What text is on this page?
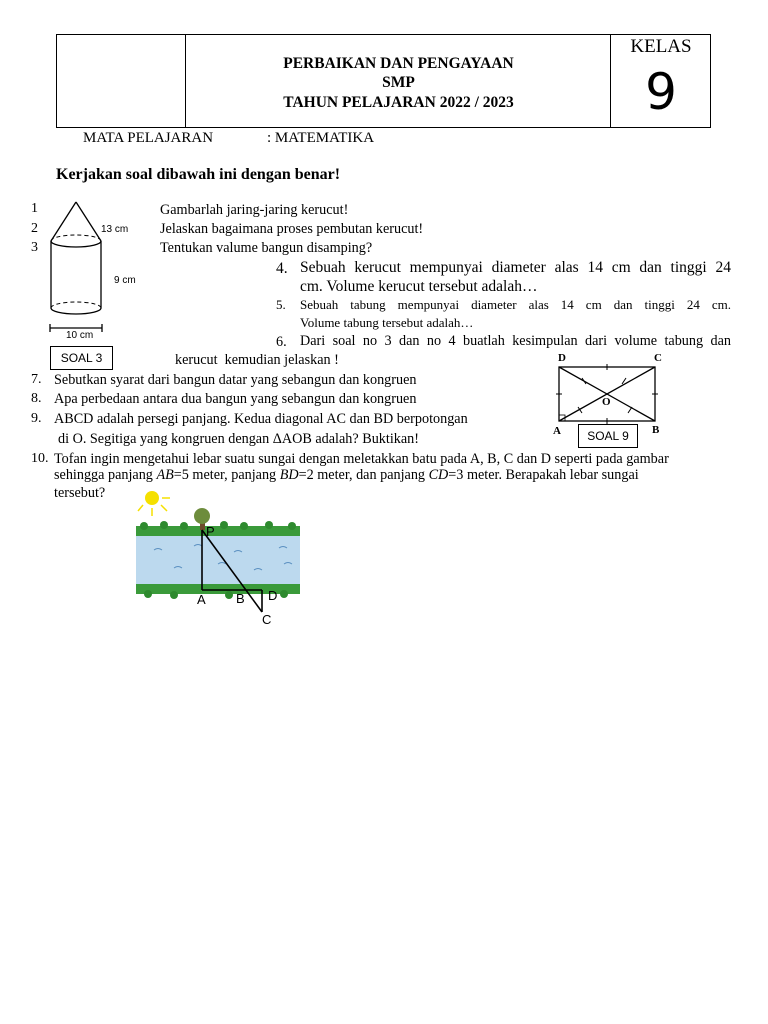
PERBAIKAN DAN PENGAYAAN
SMP
TAHUN PELAJARAN 2022 / 2023
KELAS
9
MATA PELAJARAN	: MATEMATIKA
Kerjakan soal dibawah ini dengan benar!
1
2
3
Gambarlah jaring-jaring kerucut!
Jelaskan bagaimana proses pembutan kerucut!
Tentukan valume bangun disamping?
13 cm
9 cm
10 cm
SOAL 3
4. Sebuah kerucut mempunyai diameter alas 14 cm dan tinggi 24
cm. Volume kerucut tersebut adalah…
5. Sebuah tabung mempunyai diameter alas 14 cm dan tinggi 24 cm.
Volume tabung tersebut adalah…
6. Dari soal no 3 dan no 4 buatlah kesimpulan dari volume tabung dan
kerucut  kemudian jelaskan !
7. Sebutkan syarat dari bangun datar yang sebangun dan kongruen
8. Apa perbedaan antara dua bangun yang sebangun dan kongruen
9. ABCD adalah persegi panjang. Kedua diagonal AC dan BD berpotongan
di O. Segitiga yang kongruen dengan ΔAOB adalah? Buktikan!
D	C
A	B
O
SOAL 9
10. Tofan ingin mengetahui lebar suatu sungai dengan meletakkan batu pada A, B, C dan D seperti pada gambar
sehingga panjang AB=5 meter, panjang BD=2 meter, dan panjang CD=3 meter. Berapakah lebar sungai
tersebut?
P
A B D
C
